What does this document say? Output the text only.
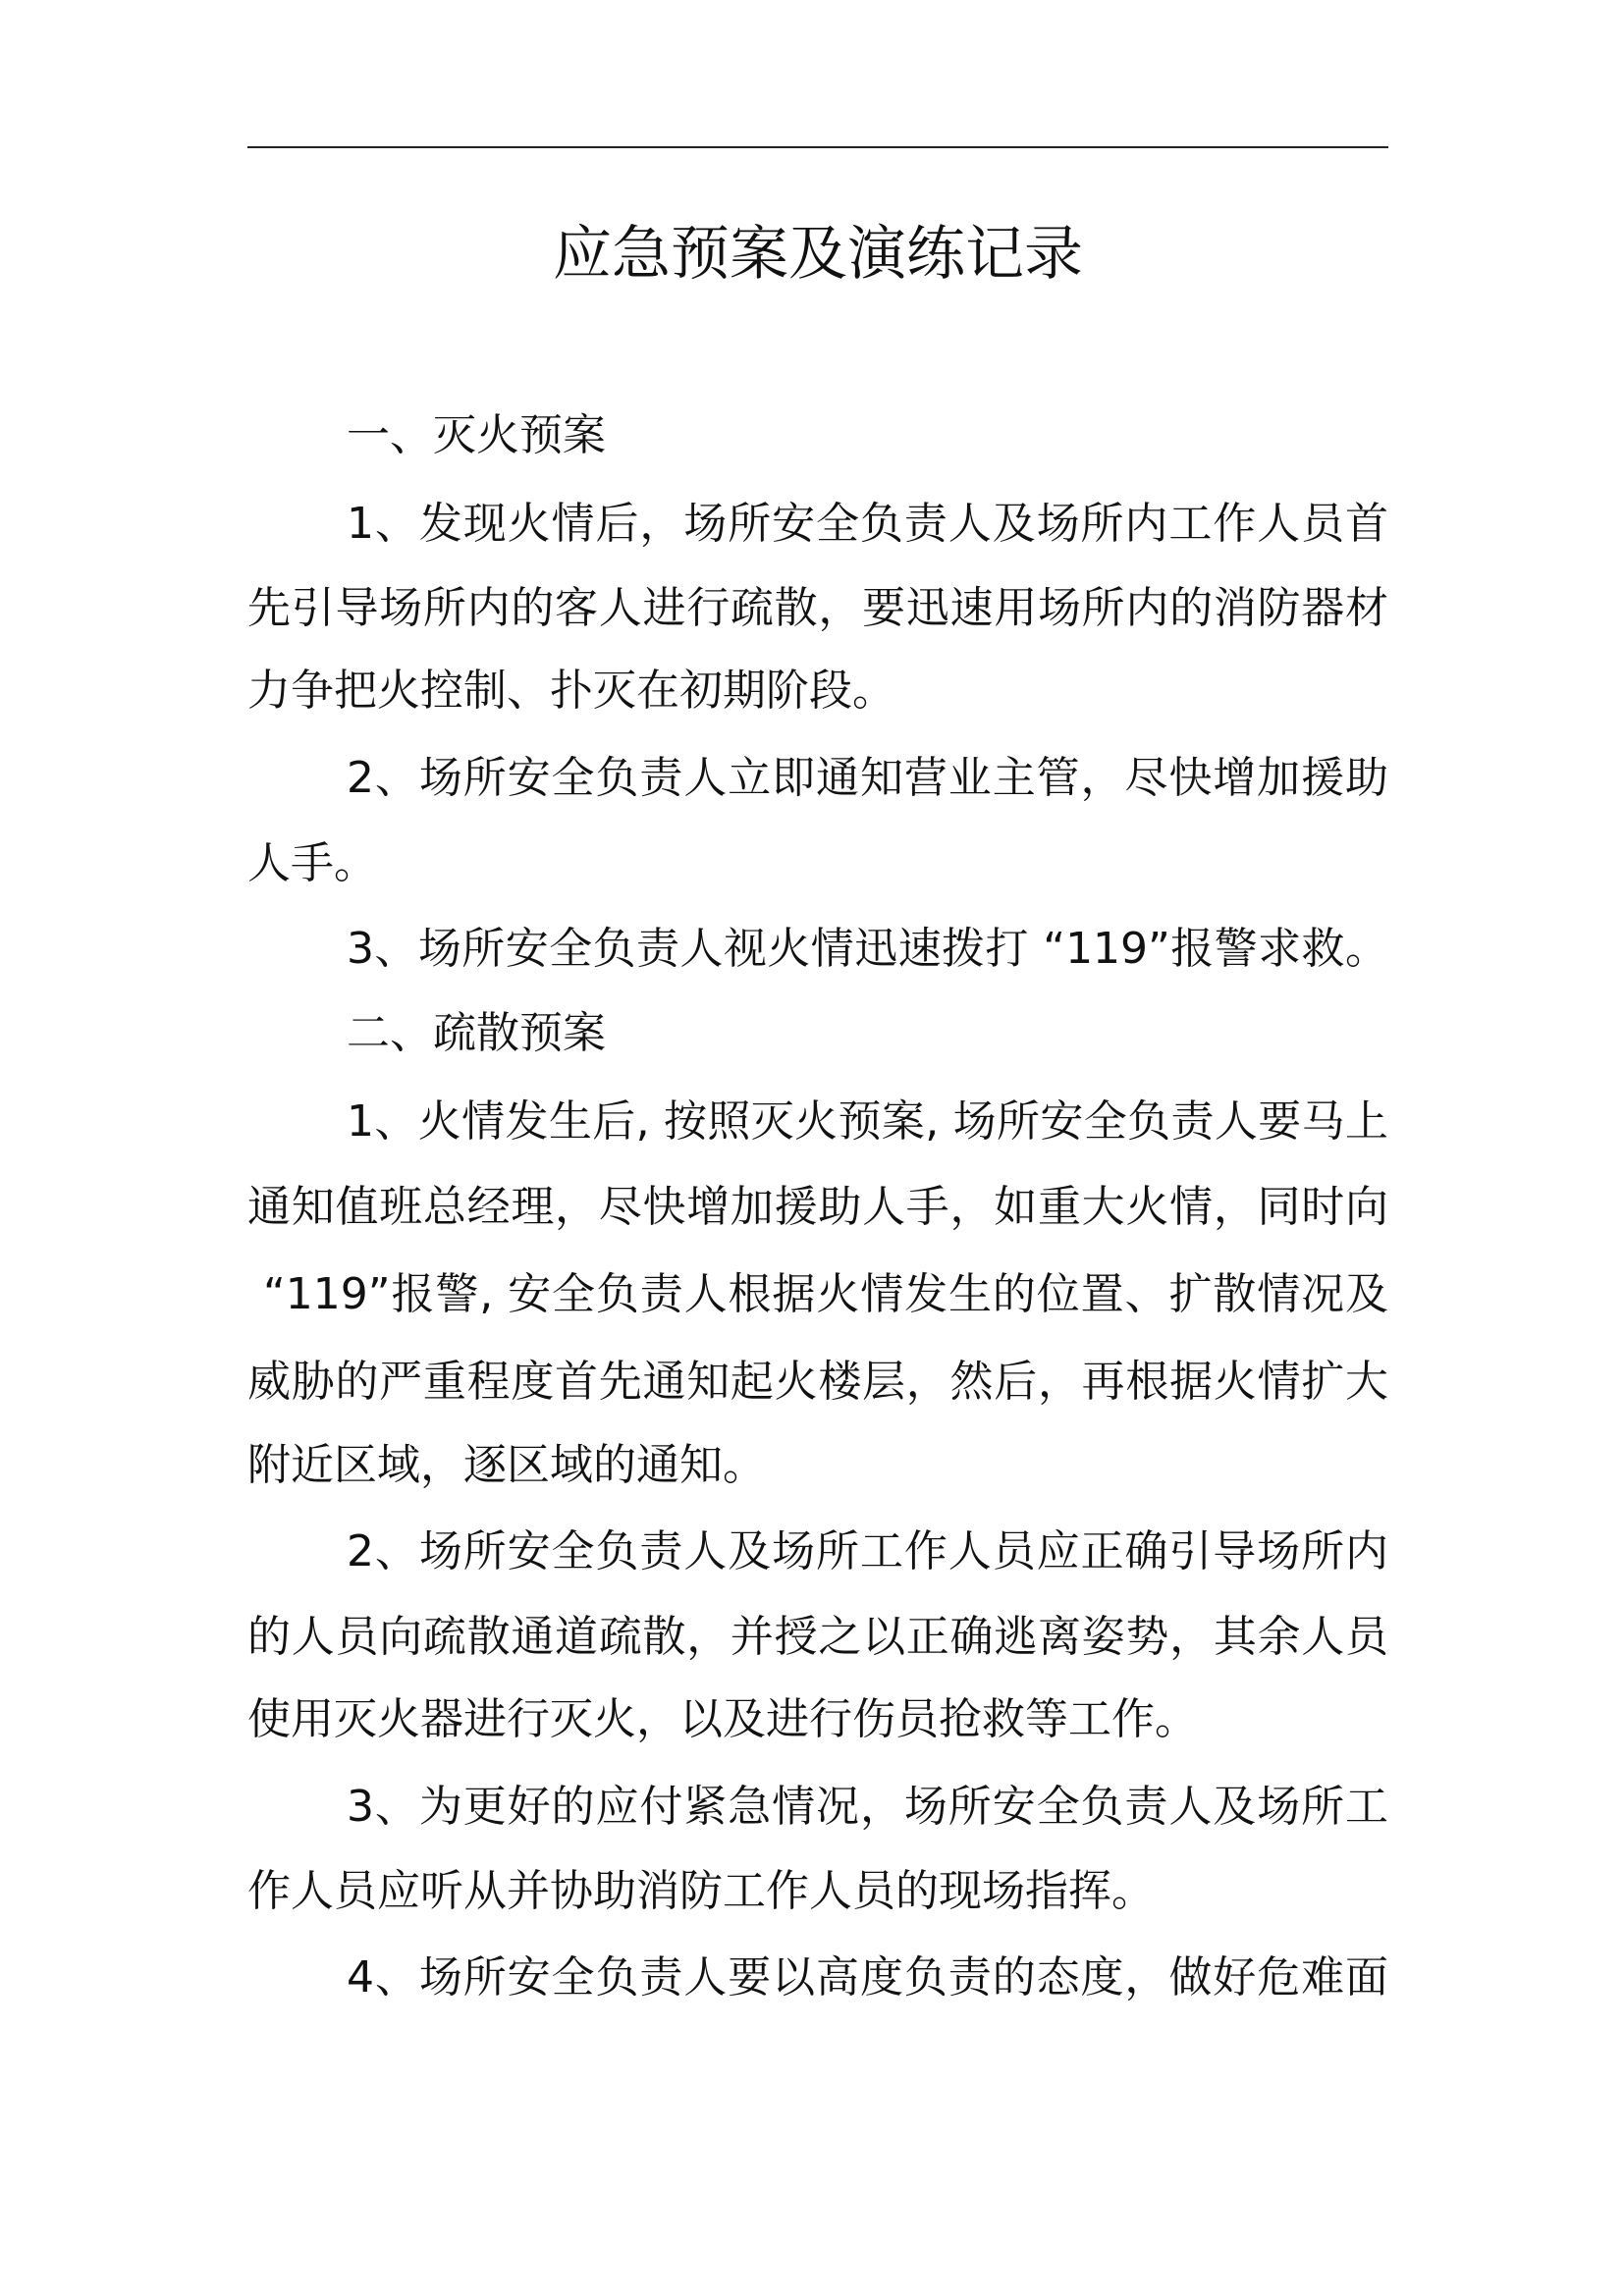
应急预案及演练记录
一、灭火预案
1、发现火情后，场所安全负责人及场所内工作人员首
先引导场所内的客人进行疏散，要迅速用场所内的消防器材
力争把火控制、扑灭在初期阶段。
2、场所安全负责人立即通知营业主管，尽快增加援助
人手。
3、场所安全负责人视火情迅速拨打 “119”报警求救。
二、疏散预案
1、火情发生后, 按照灭火预案, 场所安全负责人要马上
通知值班总经理，尽快增加援助人手，如重大火情，同时向
“119”报警, 安全负责人根据火情发生的位置、扩散情况及
威胁的严重程度首先通知起火楼层，然后，再根据火情扩大
附近区域，逐区域的通知。
2、场所安全负责人及场所工作人员应正确引导场所内
的人员向疏散通道疏散，并授之以正确逃离姿势，其余人员
使用灭火器进行灭火，以及进行伤员抢救等工作。
3、为更好的应付紧急情况，场所安全负责人及场所工
作人员应听从并协助消防工作人员的现场指挥。
4、场所安全负责人要以高度负责的态度，做好危难面
